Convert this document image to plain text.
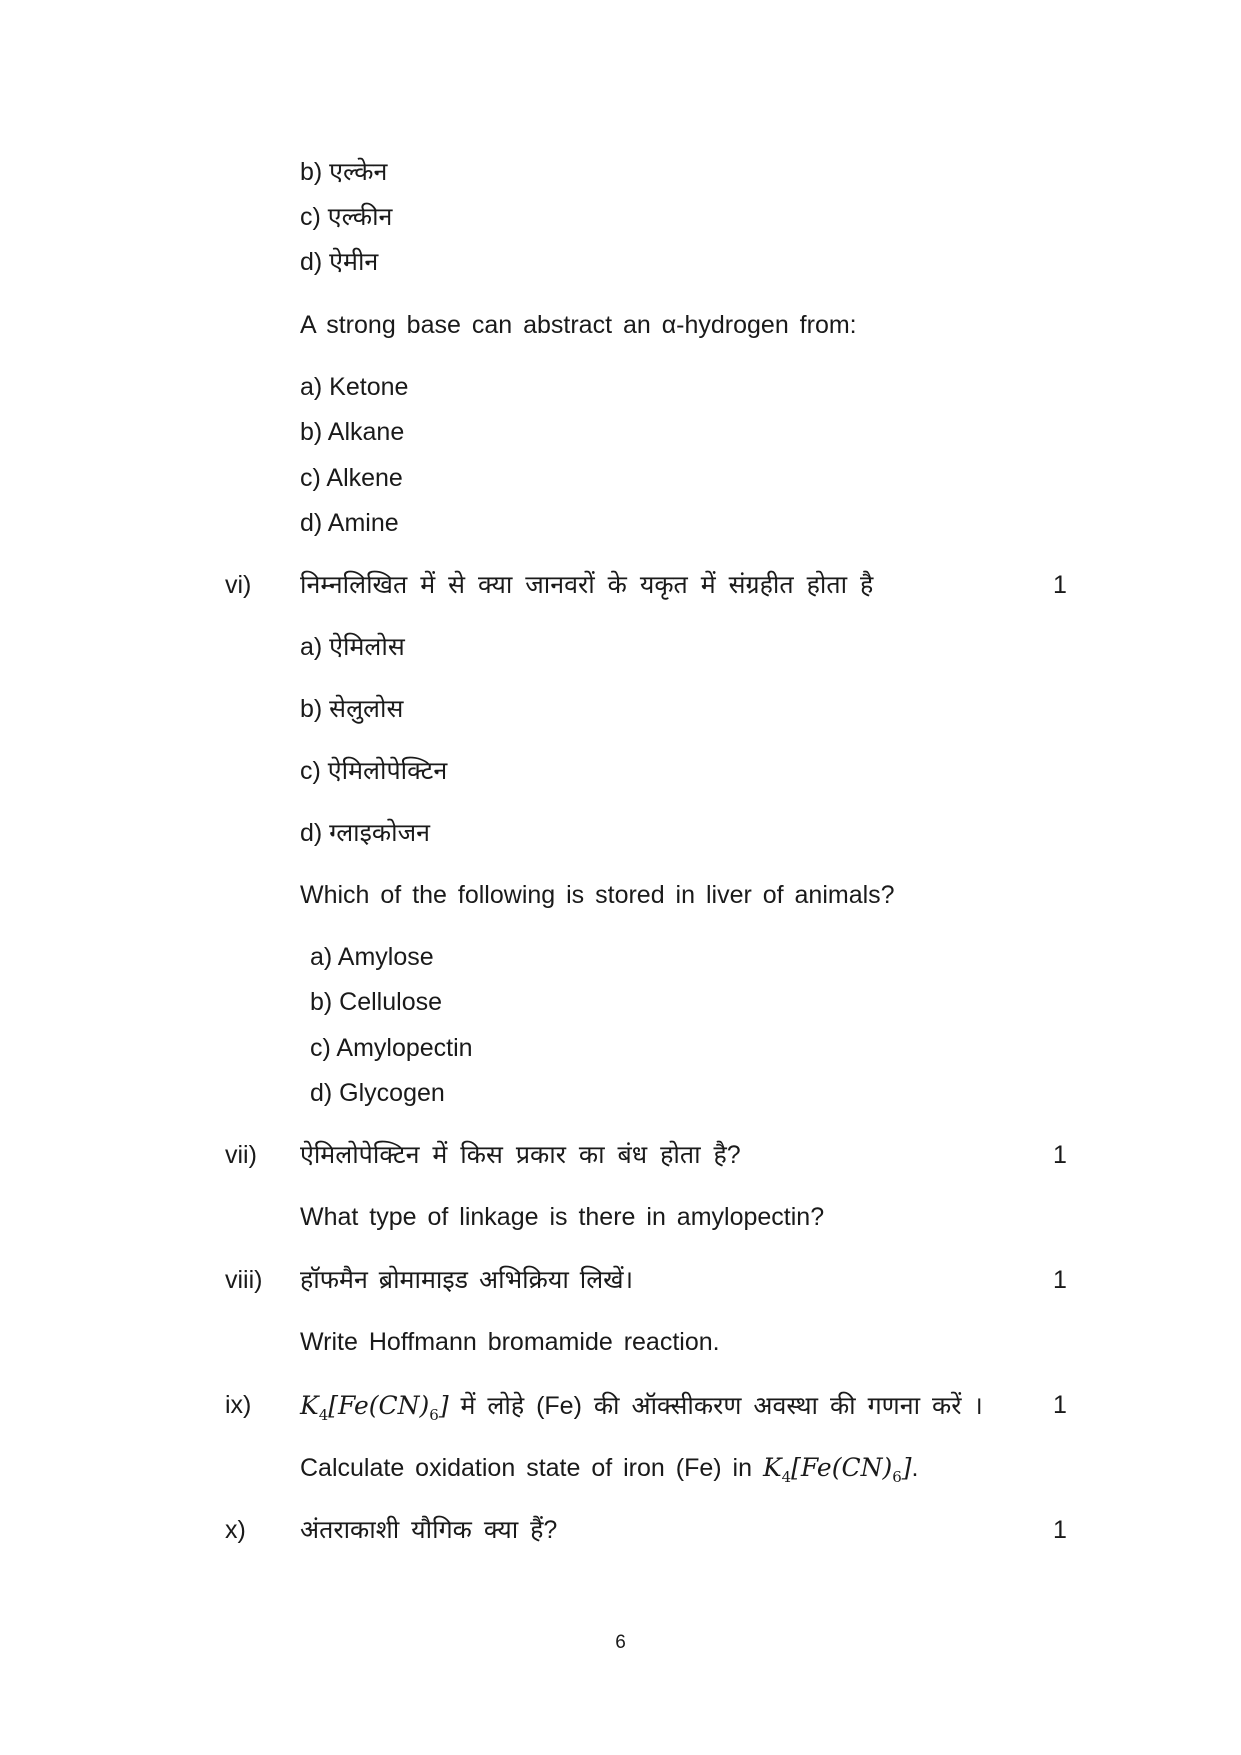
b) एल्केन
c) एल्कीन
d) ऐमीन
A strong base can abstract an α-hydrogen from:
a) Ketone
b) Alkane
c) Alkene
d) Amine
vi) निम्नलिखित में से क्या जानवरों के यकृत में संग्रहीत होता है	1
a) ऐमिलोस
b) सेलुलोस
c) ऐमिलोपेक्टिन
d) ग्लाइकोजन
Which of the following is stored in liver of animals?
a) Amylose
b) Cellulose
c) Amylopectin
d) Glycogen
vii) ऐमिलोपेक्टिन में किस प्रकार का बंध होता है?	1
What type of linkage is there in amylopectin?
viii) हॉफमैन ब्रोमामाइड अभिक्रिया लिखें।	1
Write Hoffmann bromamide reaction.
ix) $K_4[Fe(CN)_6]$ में लोहे (Fe) की ऑक्सीकरण अवस्था की गणना करें ।	1
Calculate oxidation state of iron (Fe) in $K_4[Fe(CN)_6]$.
x) अंतराकाशी यौगिक क्या हैं?	1
6
